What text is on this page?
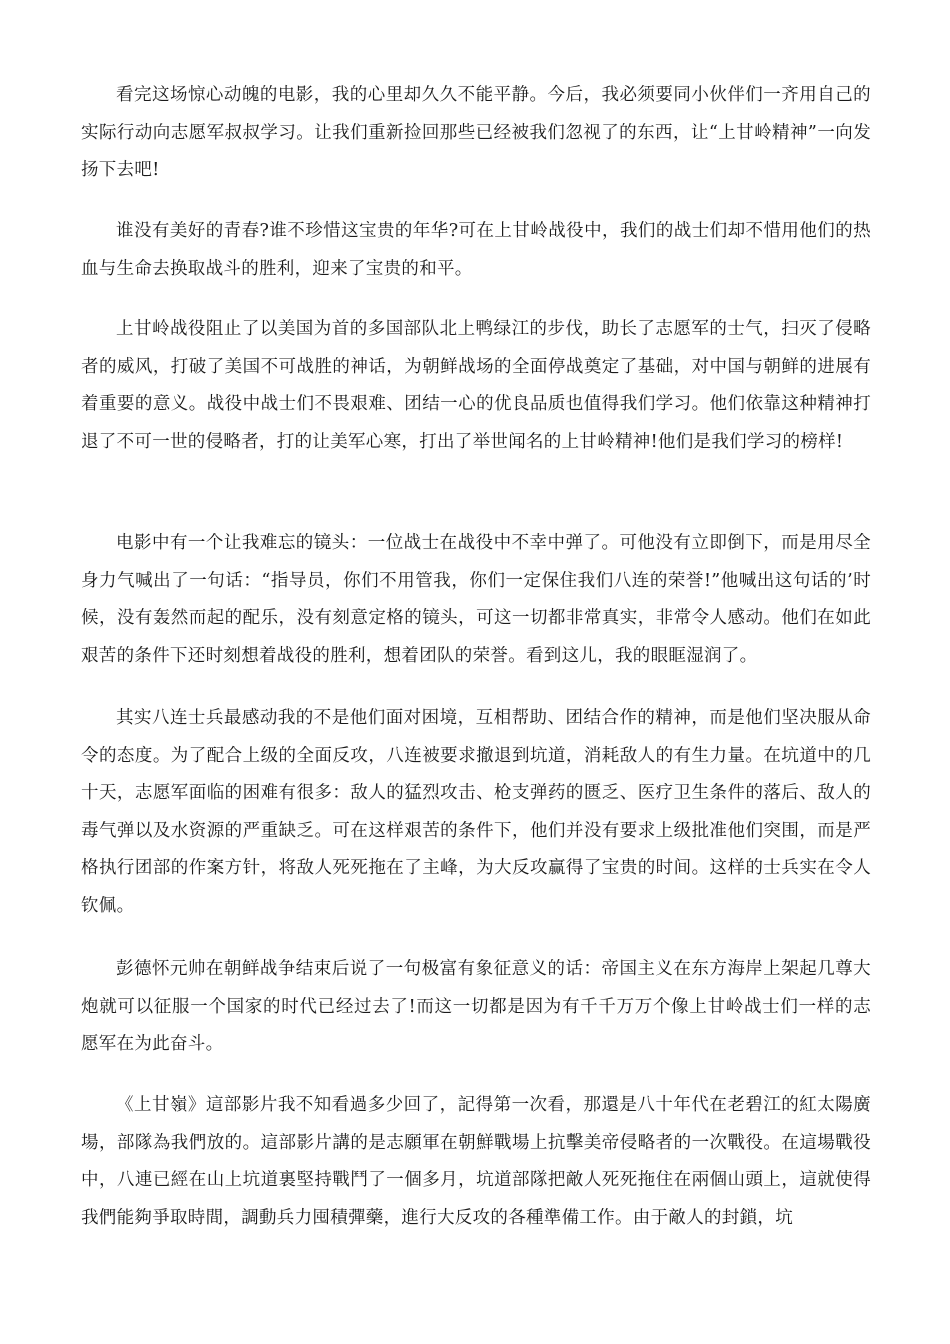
看完这场惊心动魄的电影，我的心里却久久不能平静。今后，我必须要同小伙伴们一齐用自己的实际行动向志愿军叔叔学习。让我们重新捡回那些已经被我们忽视了的东西，让“上甘岭精神”一向发扬下去吧!

谁没有美好的青春?谁不珍惜这宝贵的年华?可在上甘岭战役中，我们的战士们却不惜用他们的热血与生命去换取战斗的胜利，迎来了宝贵的和平。

上甘岭战役阻止了以美国为首的多国部队北上鸭绿江的步伐，助长了志愿军的士气，扫灭了侵略者的威风，打破了美国不可战胜的神话，为朝鲜战场的全面停战奠定了基础，对中国与朝鲜的进展有着重要的意义。战役中战士们不畏艰难、团结一心的优良品质也值得我们学习。他们依靠这种精神打退了不可一世的侵略者，打的让美军心寒，打出了举世闻名的上甘岭精神!他们是我们学习的榜样!

电影中有一个让我难忘的镜头：一位战士在战役中不幸中弹了。可他没有立即倒下，而是用尽全身力气喊出了一句话：“指导员，你们不用管我，你们一定保住我们八连的荣誉!”他喊出这句话的’时候，没有轰然而起的配乐，没有刻意定格的镜头，可这一切都非常真实，非常令人感动。他们在如此艰苦的条件下还时刻想着战役的胜利，想着团队的荣誉。看到这儿，我的眼眶湿润了。

其实八连士兵最感动我的不是他们面对困境，互相帮助、团结合作的精神，而是他们坚决服从命令的态度。为了配合上级的全面反攻，八连被要求撤退到坑道，消耗敌人的有生力量。在坑道中的几十天，志愿军面临的困难有很多：敌人的猛烈攻击、枪支弹药的匮乏、医疗卫生条件的落后、敌人的毒气弹以及水资源的严重缺乏。可在这样艰苦的条件下，他们并没有要求上级批准他们突围，而是严格执行团部的作案方针，将敌人死死拖在了主峰，为大反攻赢得了宝贵的时间。这样的士兵实在令人钦佩。

彭德怀元帅在朝鲜战争结束后说了一句极富有象征意义的话：帝国主义在东方海岸上架起几尊大炮就可以征服一个国家的时代已经过去了!而这一切都是因为有千千万万个像上甘岭战士们一样的志愿军在为此奋斗。

《上甘嶺》這部影片我不知看過多少回了，記得第一次看，那還是八十年代在老碧江的紅太陽廣場，部隊為我們放的。這部影片講的是志願軍在朝鮮戰場上抗擊美帝侵略者的一次戰役。在這場戰役中，八連已經在山上坑道裏堅持戰鬥了一個多月，坑道部隊把敵人死死拖住在兩個山頭上，這就使得我們能夠爭取時間，調動兵力囤積彈藥，進行大反攻的各種準備工作。由于敵人的封鎖，坑
